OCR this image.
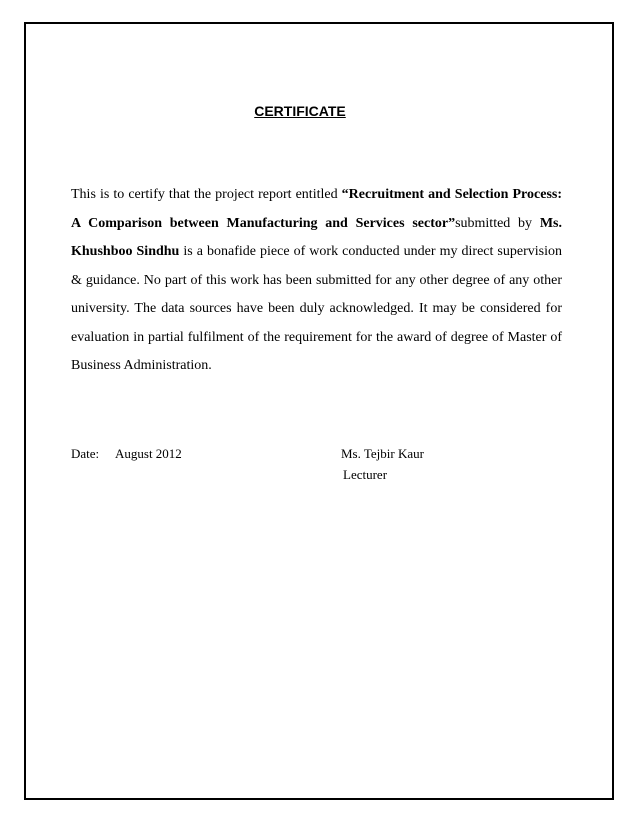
CERTIFICATE

This is to certify that the project report entitled “Recruitment and Selection Process: A Comparison between Manufacturing and Services sector”submitted by Ms. Khushboo Sindhu is a bonafide piece of work conducted under my direct supervision & guidance. No part of this work has been submitted for any other degree of any other university. The data sources have been duly acknowledged. It may be considered for evaluation in partial fulfilment of the requirement for the award of degree of Master of Business Administration.

Date: August 2012	Ms. Tejbir Kaur
Lecturer
